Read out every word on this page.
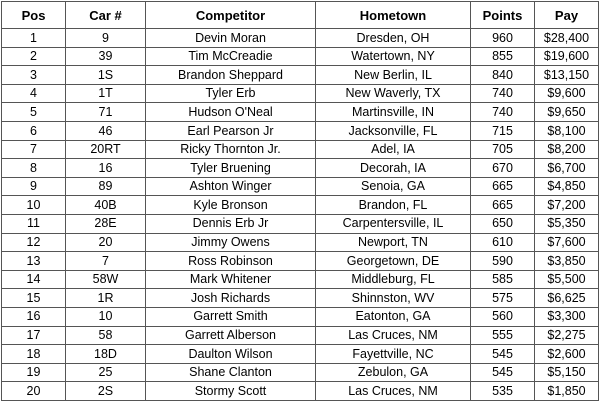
Pos	Car #	Competitor	Hometown	Points	Pay
1	9	Devin Moran	Dresden, OH	960	$28,400
2	39	Tim McCreadie	Watertown, NY	855	$19,600
3	1S	Brandon Sheppard	New Berlin, IL	840	$13,150
4	1T	Tyler Erb	New Waverly, TX	740	$9,600
5	71	Hudson O'Neal	Martinsville, IN	740	$9,650
6	46	Earl Pearson Jr	Jacksonville, FL	715	$8,100
7	20RT	Ricky Thornton Jr.	Adel, IA	705	$8,200
8	16	Tyler Bruening	Decorah, IA	670	$6,700
9	89	Ashton Winger	Senoia, GA	665	$4,850
10	40B	Kyle Bronson	Brandon, FL	665	$7,200
11	28E	Dennis Erb Jr	Carpentersville, IL	650	$5,350
12	20	Jimmy Owens	Newport, TN	610	$7,600
13	7	Ross Robinson	Georgetown, DE	590	$3,850
14	58W	Mark Whitener	Middleburg, FL	585	$5,500
15	1R	Josh Richards	Shinnston, WV	575	$6,625
16	10	Garrett Smith	Eatonton, GA	560	$3,300
17	58	Garrett Alberson	Las Cruces, NM	555	$2,275
18	18D	Daulton Wilson	Fayettville, NC	545	$2,600
19	25	Shane Clanton	Zebulon, GA	545	$5,150
20	2S	Stormy Scott	Las Cruces, NM	535	$1,850
